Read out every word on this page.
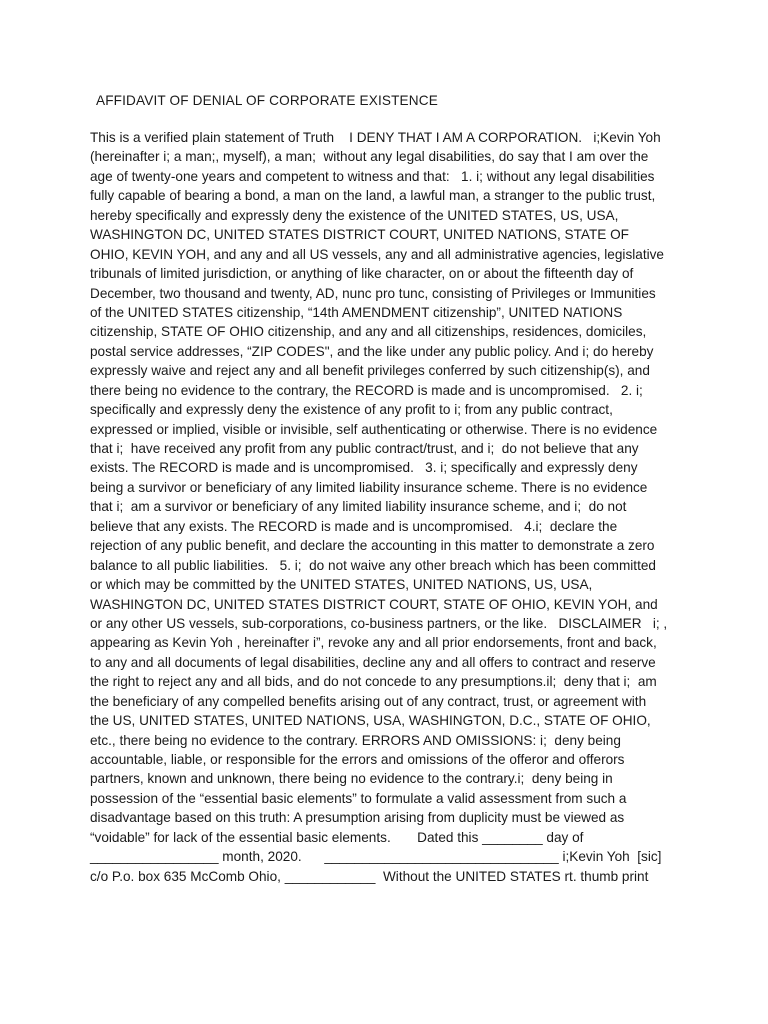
AFFIDAVIT OF DENIAL OF CORPORATE EXISTENCE
This is a verified plain statement of Truth    I DENY THAT I AM A CORPORATION.   i;Kevin Yoh
(hereinafter i; a man;, myself), a man;  without any legal disabilities, do say that I am over the
age of twenty-one years and competent to witness and that:   1. i; without any legal disabilities
fully capable of bearing a bond, a man on the land, a lawful man, a stranger to the public trust,
hereby specifically and expressly deny the existence of the UNITED STATES, US, USA,
WASHINGTON DC, UNITED STATES DISTRICT COURT, UNITED NATIONS, STATE OF
OHIO, KEVIN YOH, and any and all US vessels, any and all administrative agencies, legislative
tribunals of limited jurisdiction, or anything of like character, on or about the fifteenth day of
December, two thousand and twenty, AD, nunc pro tunc, consisting of Privileges or Immunities
of the UNITED STATES citizenship, “14th AMENDMENT citizenship”, UNITED NATIONS
citizenship, STATE OF OHIO citizenship, and any and all citizenships, residences, domiciles,
postal service addresses, “ZIP CODES", and the like under any public policy. And i; do hereby
expressly waive and reject any and all benefit privileges conferred by such citizenship(s), and
there being no evidence to the contrary, the RECORD is made and is uncompromised.   2. i;
specifically and expressly deny the existence of any profit to i; from any public contract,
expressed or implied, visible or invisible, self authenticating or otherwise. There is no evidence
that i;  have received any profit from any public contract/trust, and i;  do not believe that any
exists. The RECORD is made and is uncompromised.   3. i; specifically and expressly deny
being a survivor or beneficiary of any limited liability insurance scheme. There is no evidence
that i;  am a survivor or beneficiary of any limited liability insurance scheme, and i;  do not
believe that any exists. The RECORD is made and is uncompromised.   4.i;  declare the
rejection of any public benefit, and declare the accounting in this matter to demonstrate a zero
balance to all public liabilities.   5. i;  do not waive any other breach which has been committed
or which may be committed by the UNITED STATES, UNITED NATIONS, US, USA,
WASHINGTON DC, UNITED STATES DISTRICT COURT, STATE OF OHIO, KEVIN YOH, and
or any other US vessels, sub-corporations, co-business partners, or the like.   DISCLAIMER   i; ,
appearing as Kevin Yoh , hereinafter i”, revoke any and all prior endorsements, front and back,
to any and all documents of legal disabilities, decline any and all offers to contract and reserve
the right to reject any and all bids, and do not concede to any presumptions.il;  deny that i;  am
the beneficiary of any compelled benefits arising out of any contract, trust, or agreement with
the US, UNITED STATES, UNITED NATIONS, USA, WASHINGTON, D.C., STATE OF OHIO,
etc., there being no evidence to the contrary. ERRORS AND OMISSIONS: i;  deny being
accountable, liable, or responsible for the errors and omissions of the offeror and offerors
partners, known and unknown, there being no evidence to the contrary.i;  deny being in
possession of the “essential basic elements” to formulate a valid assessment from such a
disadvantage based on this truth: A presumption arising from duplicity must be viewed as
“voidable” for lack of the essential basic elements.       Dated this ________ day of
_________________ month, 2020.      _______________________________ i;Kevin Yoh  [sic]
c/o P.o. box 635 McComb Ohio, ____________  Without the UNITED STATES rt. thumb print
